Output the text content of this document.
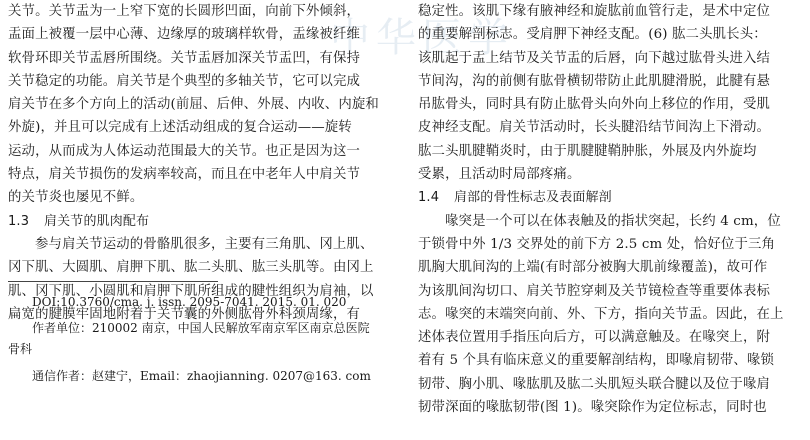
中华医学
关节。关节盂为一上窄下宽的长圆形凹面，向前下外倾斜，
盂面上被覆一层中心薄、边缘厚的玻璃样软骨，盂缘被纤维
软骨环即关节盂唇所围绕。关节盂唇加深关节盂凹，有保持
关节稳定的功能。肩关节是个典型的多轴关节，它可以完成
肩关节在多个方向上的活动(前屈、后伸、外展、内收、内旋和
外旋)，并且可以完成有上述活动组成的复合运动——旋转
运动，从而成为人体运动范围最大的关节。也正是因为这一
特点，肩关节损伤的发病率较高，而且在中老年人中肩关节
的关节炎也屡见不鲜。
1.3 肩关节的肌肉配布
参与肩关节运动的骨骼肌很多，主要有三角肌、冈上肌、
冈下肌、大圆肌、肩胛下肌、肱二头肌、肱三头肌等。由冈上
肌、冈下肌、小圆肌和肩胛下肌所组成的腱性组织为肩袖，以
扁宽的腱膜牢固地附着于关节囊的外侧肱骨外科颈周缘，有
DOI:10.3760/cma. j. issn. 2095-7041. 2015. 01. 020
作者单位：210002 南京，中国人民解放军南京军区南京总医院
骨科
通信作者：赵建宁，Email：zhaojianning. 0207@163. com
稳定性。该肌下缘有腋神经和旋肱前血管行走，是术中定位
的重要解剖标志。受肩胛下神经支配。(6) 肱二头肌长头：
该肌起于盂上结节及关节盂的后唇，向下越过肱骨头进入结
节间沟，沟的前侧有肱骨横韧带防止此肌腱滑脱，此腱有悬
吊肱骨头，同时具有防止肱骨头向外向上移位的作用，受肌
皮神经支配。肩关节活动时，长头腱沿结节间沟上下滑动。
肱二头肌腱鞘炎时，由于肌腱腱鞘肿胀，外展及内外旋均
受累，且活动时局部疼痛。
1.4 肩部的骨性标志及表面解剖
喙突是一个可以在体表触及的指状突起，长约 4 cm，位
于锁骨中外 1/3 交界处的前下方 2.5 cm 处，恰好位于三角
肌胸大肌间沟的上端(有时部分被胸大肌前缘覆盖)，故可作
为该肌间沟切口、肩关节腔穿刺及关节镜检查等重要体表标
志。喙突的末端突向前、外、下方，指向关节盂。因此，在上
述体表位置用手指压向后方，可以满意触及。在喙突上，附
着有 5 个具有临床意义的重要解剖结构，即喙肩韧带、喙锁
韧带、胸小肌、喙肱肌及肱二头肌短头联合腱以及位于喙肩
韧带深面的喙肱韧带(图 1)。喙突除作为定位标志，同时也
